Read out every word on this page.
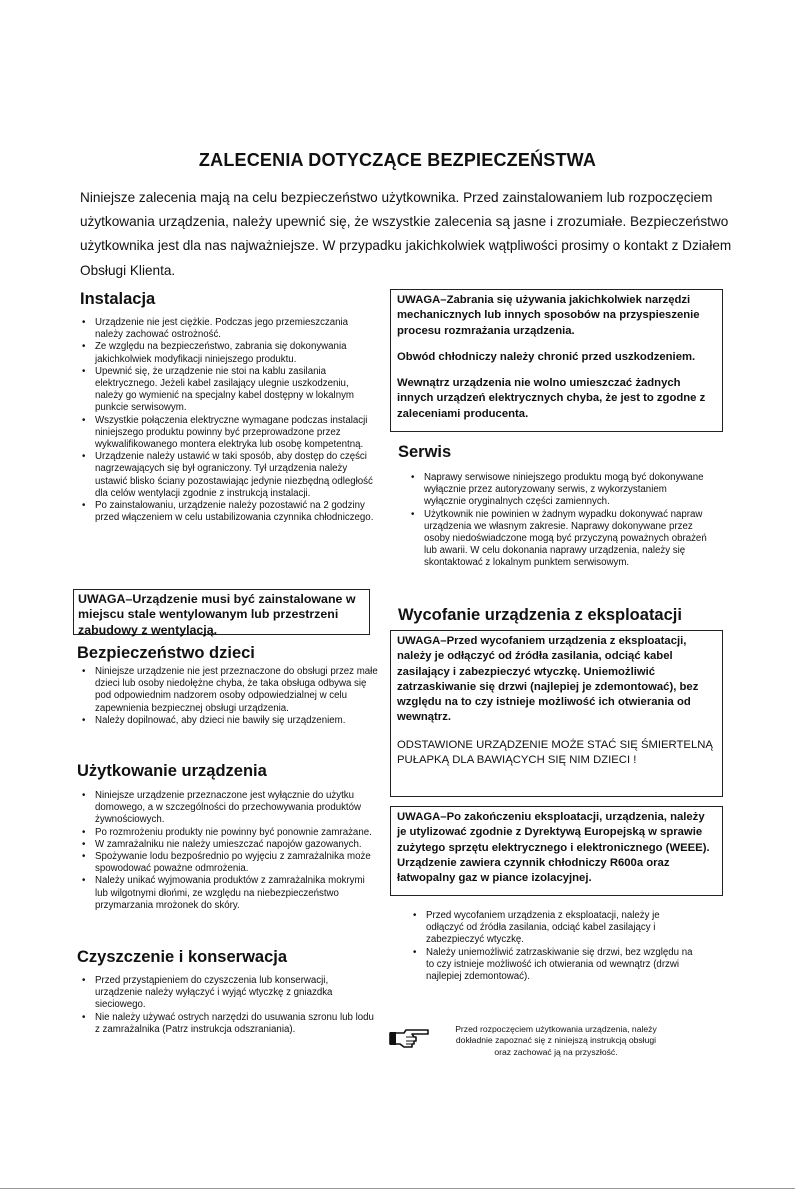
ZALECENIA DOTYCZĄCE BEZPIECZEŃSTWA
Niniejsze zalecenia mają na celu bezpieczeństwo użytkownika. Przed zainstalowaniem lub rozpoczęciem użytkowania urządzenia, należy upewnić się, że wszystkie zalecenia są jasne i zrozumiałe. Bezpieczeństwo użytkownika jest dla nas najważniejsze. W przypadku jakichkolwiek wątpliwości prosimy o kontakt z Działem Obsługi Klienta.
Instalacja
• Urządzenie nie jest ciężkie. Podczas jego przemieszczania należy zachować ostrożność.
• Ze względu na bezpieczeństwo, zabrania się dokonywania jakichkolwiek modyfikacji niniejszego produktu.
• Upewnić się, że urządzenie nie stoi na kablu zasilania elektrycznego. Jeżeli kabel zasilający ulegnie uszkodzeniu, należy go wymienić na specjalny kabel dostępny w lokalnym punkcie serwisowym.
• Wszystkie połączenia elektryczne wymagane podczas instalacji niniejszego produktu powinny być przeprowadzone przez wykwalifikowanego montera elektryka lub osobę kompetentną.
• Urządzenie należy ustawić w taki sposób, aby dostęp do części nagrzewających się był ograniczony. Tył urządzenia należy ustawić blisko ściany pozostawiając jedynie niezbędną odległość dla celów wentylacji zgodnie z instrukcją instalacji.
• Po zainstalowaniu, urządzenie należy pozostawić na 2 godziny przed włączeniem w celu ustabilizowania czynnika chłodniczego.

UWAGA–Urządzenie musi być zainstalowane w miejscu stale wentylowanym lub przestrzeni zabudowy z wentylacją.

Bezpieczeństwo dzieci
• Niniejsze urządzenie nie jest przeznaczone do obsługi przez małe dzieci lub osoby niedołężne chyba, że taka obsługa odbywa się pod odpowiednim nadzorem osoby odpowiedzialnej w celu zapewnienia bezpiecznej obsługi urządzenia.
• Należy dopilnować, aby dzieci nie bawiły się urządzeniem.
Użytkowanie urządzenia
• Niniejsze urządzenie przeznaczone jest wyłącznie do użytku domowego, a w szczególności do przechowywania produktów żywnościowych.
• Po rozmrożeniu produkty nie powinny być ponownie zamrażane.
• W zamrażalniku nie należy umieszczać napojów gazowanych.
• Spożywanie lodu bezpośrednio po wyjęciu z zamrażalnika może spowodować poważne odmrożenia.
• Należy unikać wyjmowania produktów z zamrażalnika mokrymi lub wilgotnymi dłońmi, ze względu na niebezpieczeństwo przymarzania mrożonek do skóry.
Czyszczenie i konserwacja
• Przed przystąpieniem do czyszczenia lub konserwacji, urządzenie należy wyłączyć i wyjąć wtyczkę z gniazdka sieciowego.
• Nie należy używać ostrych narzędzi do usuwania szronu lub lodu z zamrażalnika (Patrz instrukcja odszraniania).

UWAGA–Zabrania się używania jakichkolwiek narzędzi mechanicznych lub innych sposobów na przyspieszenie procesu rozmrażania urządzenia.

Obwód chłodniczy należy chronić przed uszkodzeniem.

Wewnątrz urządzenia nie wolno umieszczać żadnych innych urządzeń elektrycznych chyba, że jest to zgodne z zaleceniami producenta.

Serwis
• Naprawy serwisowe niniejszego produktu mogą być dokonywane wyłącznie przez autoryzowany serwis, z wykorzystaniem wyłącznie oryginalnych części zamiennych.
• Użytkownik nie powinien w żadnym wypadku dokonywać napraw urządzenia we własnym zakresie. Naprawy dokonywane przez osoby niedoświadczone mogą być przyczyną poważnych obrażeń lub awarii. W celu dokonania naprawy urządzenia, należy się skontaktować z lokalnym punktem serwisowym.
Wycofanie urządzenia z eksploatacji

UWAGA–Przed wycofaniem urządzenia z eksploatacji, należy je odłączyć od źródła zasilania, odciąć kabel zasilający i zabezpieczyć wtyczkę. Uniemożliwić zatrzaskiwanie się drzwi (najlepiej je zdemontować), bez względu na to czy istnieje możliwość ich otwierania od wewnątrz.

ODSTAWIONE URZĄDZENIE MOŻE STAĆ SIĘ ŚMIERTELNĄ PUŁAPKĄ DLA BAWIĄCYCH SIĘ NIM DZIECI !

UWAGA–Po zakończeniu eksploatacji, urządzenia, należy je utylizować zgodnie z Dyrektywą Europejską w sprawie zużytego sprzętu elektrycznego i elektronicznego (WEEE). Urządzenie zawiera czynnik chłodniczy R600a oraz łatwopalny gaz w piance izolacyjnej.

• Przed wycofaniem urządzenia z eksploatacji, należy je odłączyć od źródła zasilania, odciąć kabel zasilający i zabezpieczyć wtyczkę.
• Należy uniemożliwić zatrzaskiwanie się drzwi, bez względu na to czy istnieje możliwość ich otwierania od wewnątrz (drzwi najlepiej zdemontować).
Przed rozpoczęciem użytkowania urządzenia, należy dokładnie zapoznać się z niniejszą instrukcją obsługi oraz zachować ją na przyszłość.
